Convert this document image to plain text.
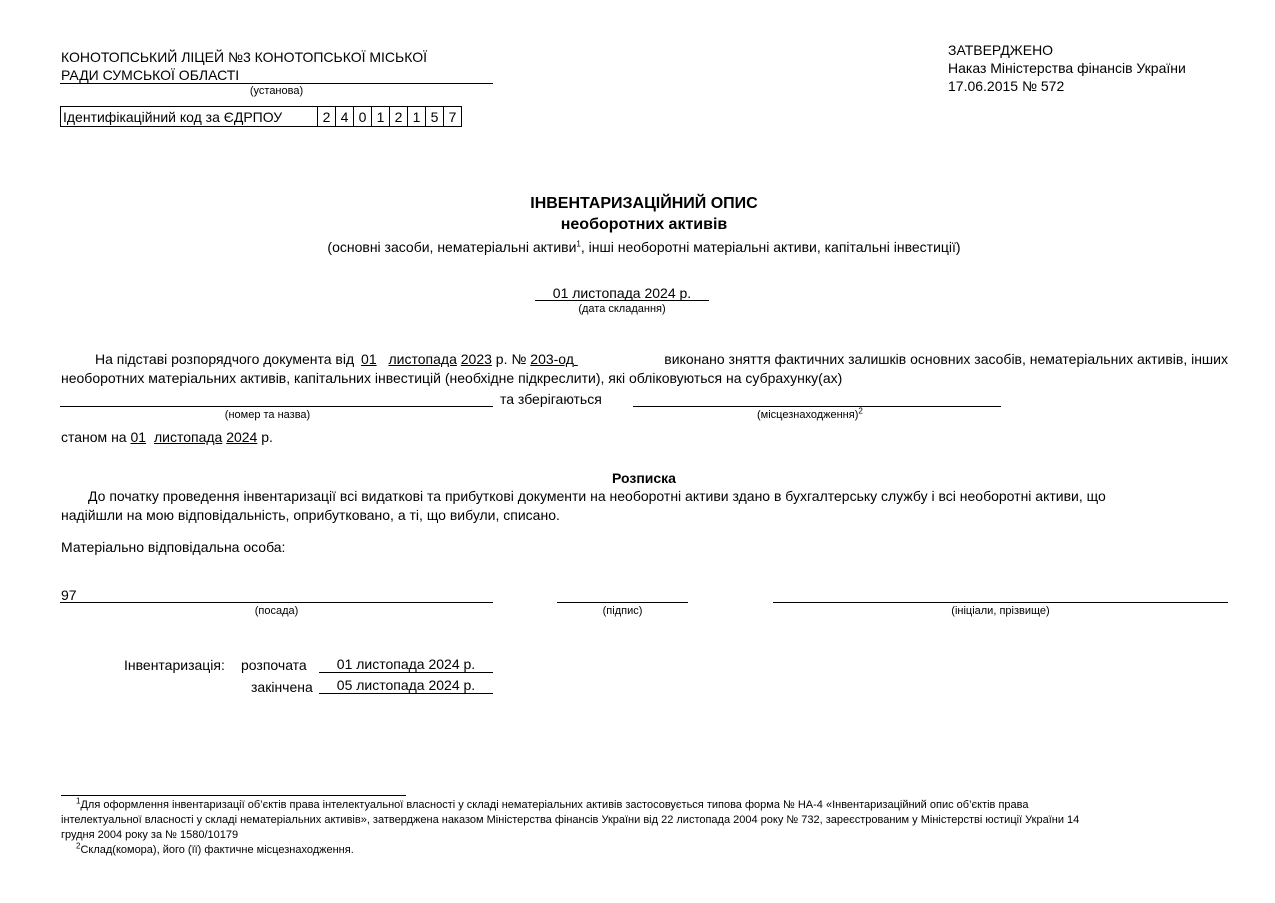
КОНОТОПСЬКИЙ ЛІЦЕЙ №3 КОНОТОПСЬКОЇ МІСЬКОЇ
РАДИ СУМСЬКОЇ ОБЛАСТІ
(установа)
Ідентифікаційний код за ЄДРПОУ	2	4	0	1	2	1	5	7
ЗАТВЕРДЖЕНО
Наказ Міністерства фінансів України
17.06.2015 № 572
ІНВЕНТАРИЗАЦІЙНИЙ ОПИС
необоротних активів
(основні засоби, нематеріальні активи$^1$, інші необоротні матеріальні активи, капітальні інвестиції)
01 листопада 2024 р.
(дата складання)
На підставі розпорядчого документа від 01 листопада 2023 р. № 203-од	виконано зняття фактичних залишків основних засобів, нематеріальних активів, інших
необоротних матеріальних активів, капітальних інвестицій (необхідне підкреслити), які обліковуються на субрахунку(ах)
та зберігаються
(номер та назва)	(місцезнаходження)$^2$
станом на 01 листопада 2024 р.
Розписка
До початку проведення інвентаризації всі видаткові та прибуткові документи на необоротні активи здано в бухгалтерську службу і всі необоротні активи, що
надійшли на мою відповідальність, оприбутковано, а ті, що вибули, списано.
Матеріально відповідальна особа:
97
(посада)	(підпис)	(ініціали, прізвище)
Інвентаризація: розпочата	01 листопада 2024 р.
закінчена	05 листопада 2024 р.
$^1$Для оформлення інвентаризації об’єктів права інтелектуальної власності у складі нематеріальних активів застосовується типова форма № НА-4 «Інвентаризаційний опис об’єктів права
інтелектуальної власності у складі нематеріальних активів», затверджена наказом Міністерства фінансів України від 22 листопада 2004 року № 732, зареєстрованим у Міністерстві юстиції України 14
грудня 2004 року за № 1580/10179
$^2$Склад(комора), його (її) фактичне місцезнаходження.
